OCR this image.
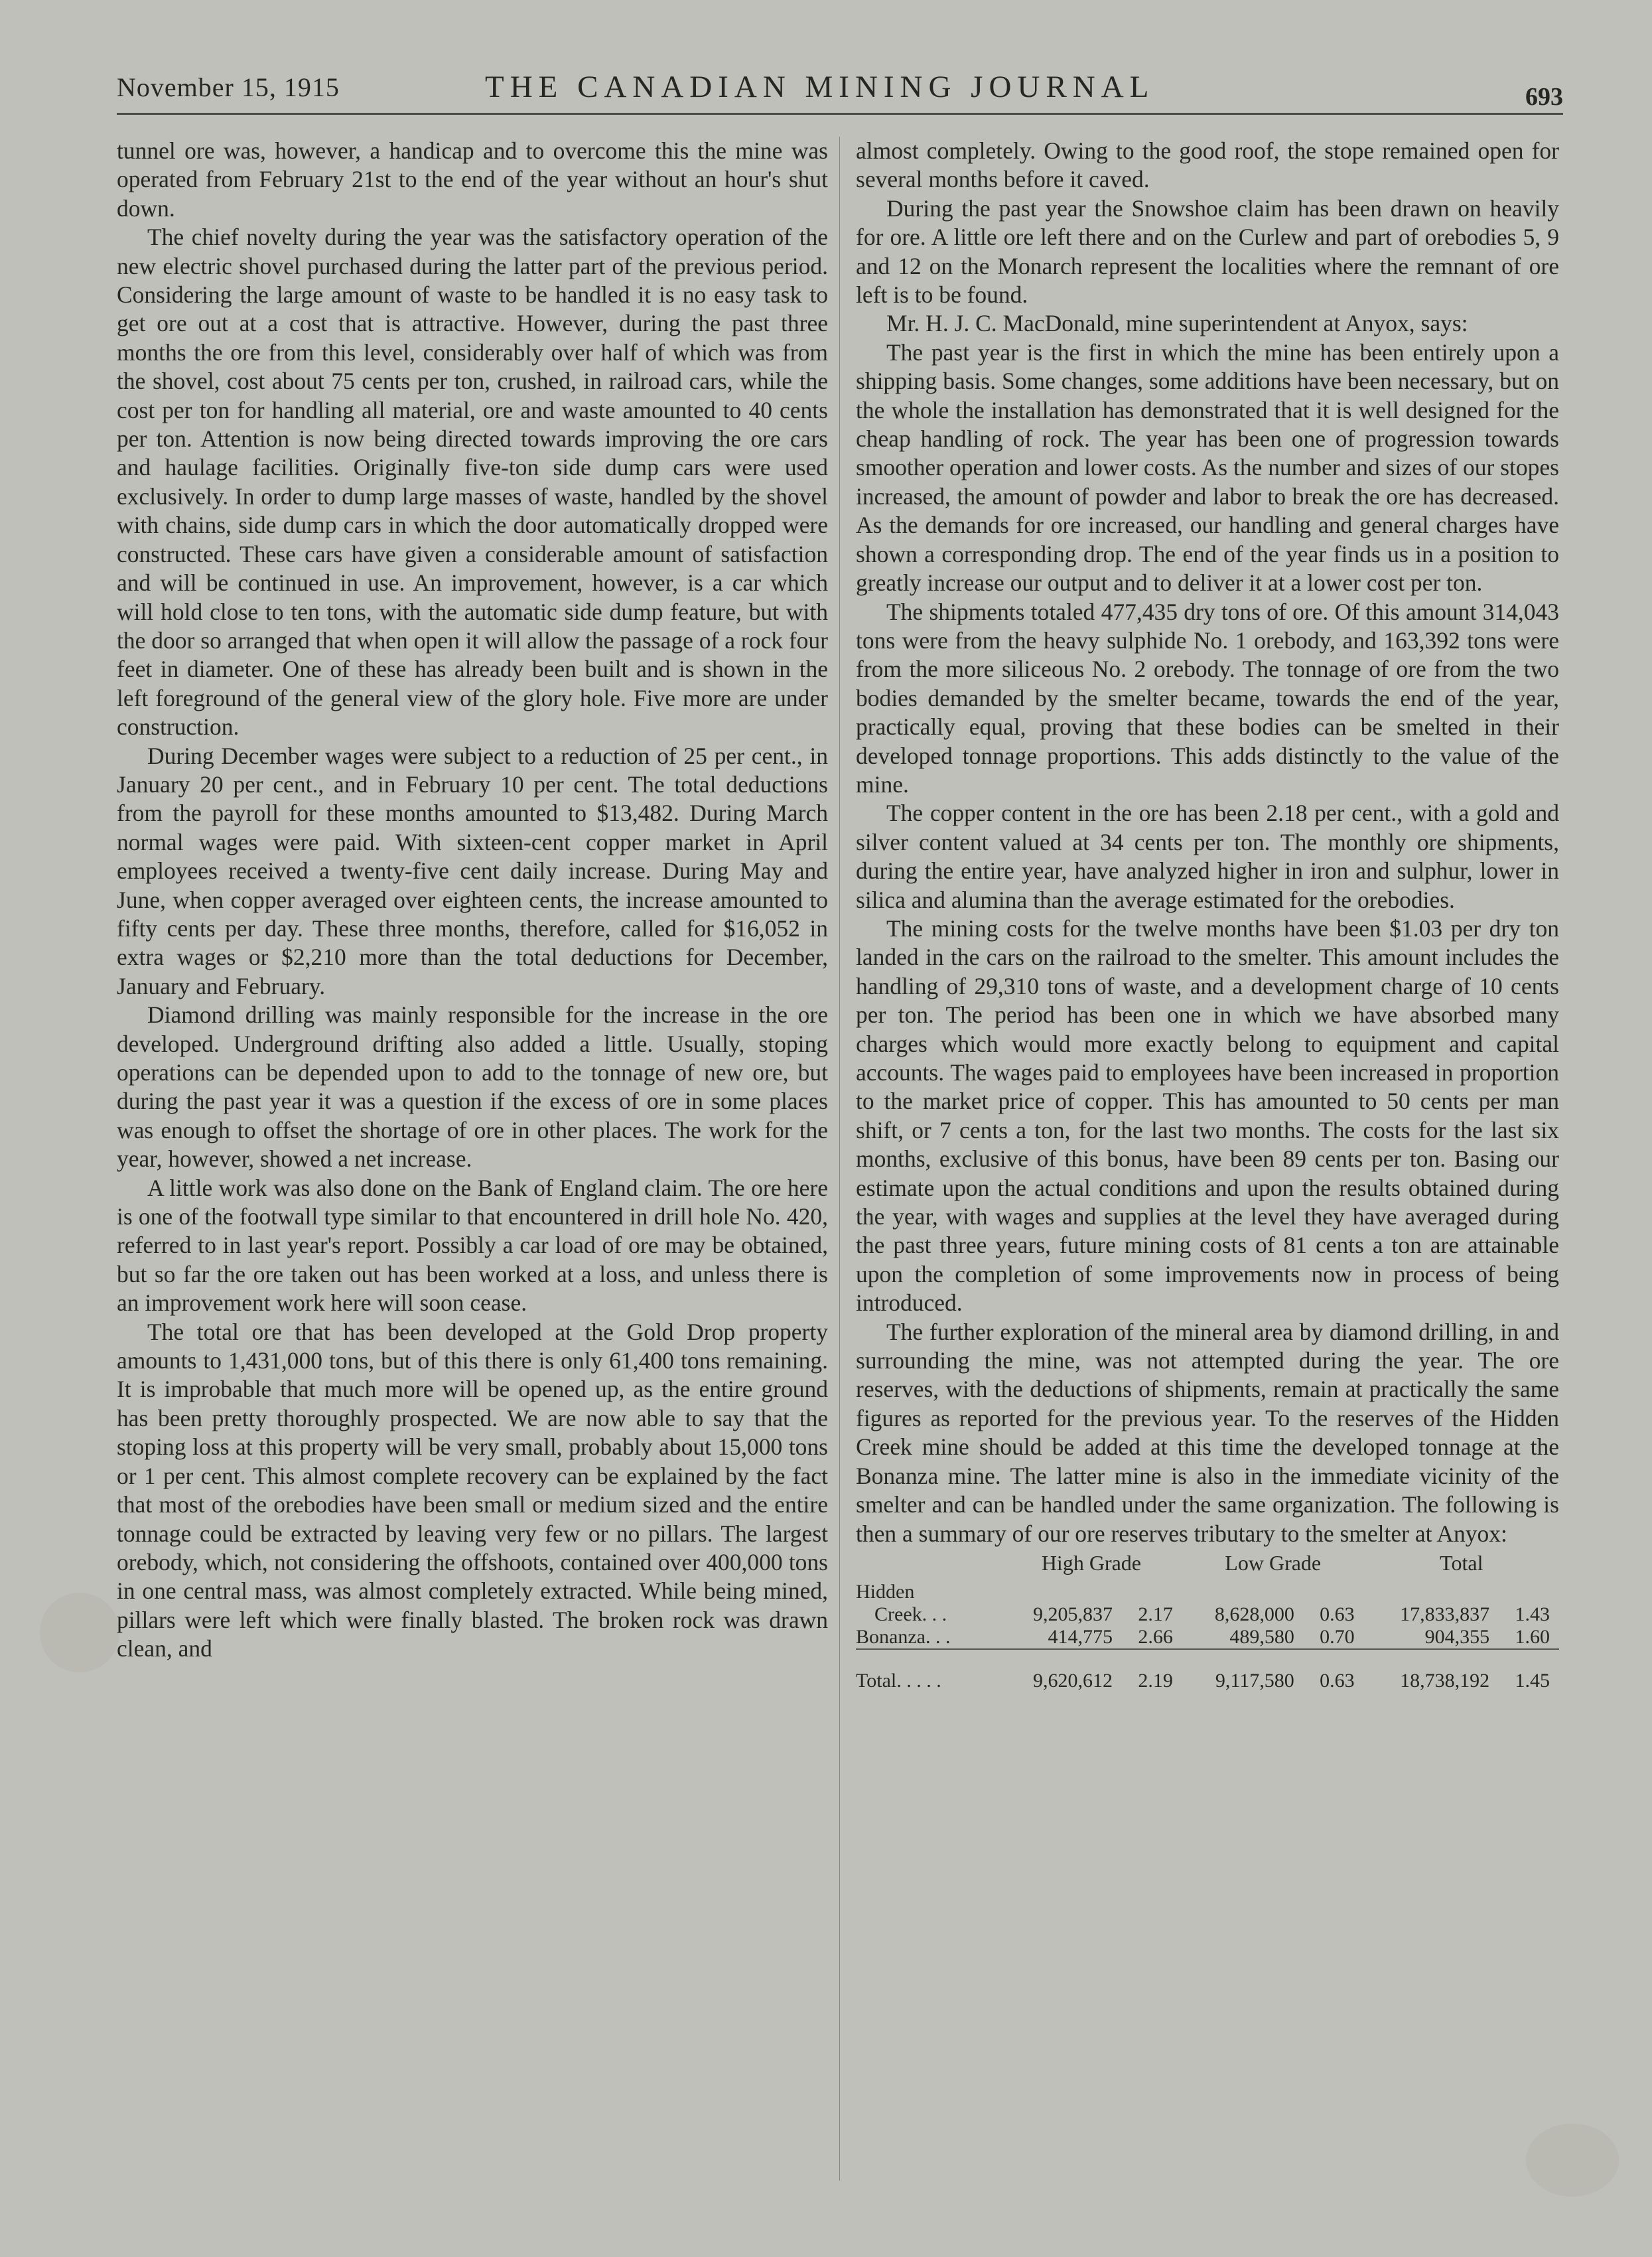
November 15, 1915	THE CANADIAN MINING JOURNAL	693

tunnel ore was, however, a handicap and to overcome this the mine was operated from February 21st to the end of the year without an hour's shut down.

The chief novelty during the year was the satisfactory operation of the new electric shovel purchased during the latter part of the previous period. Considering the large amount of waste to be handled it is no easy task to get ore out at a cost that is attractive. However, during the past three months the ore from this level, considerably over half of which was from the shovel, cost about 75 cents per ton, crushed, in railroad cars, while the cost per ton for handling all material, ore and waste amounted to 40 cents per ton. Attention is now being directed towards improving the ore cars and haulage facilities. Originally five-ton side dump cars were used exclusively. In order to dump large masses of waste, handled by the shovel with chains, side dump cars in which the door automatically dropped were constructed. These cars have given a considerable amount of satisfaction and will be continued in use. An improvement, however, is a car which will hold close to ten tons, with the automatic side dump feature, but with the door so arranged that when open it will allow the passage of a rock four feet in diameter. One of these has already been built and is shown in the left foreground of the general view of the glory hole. Five more are under construction.

During December wages were subject to a reduction of 25 per cent., in January 20 per cent., and in February 10 per cent. The total deductions from the payroll for these months amounted to $13,482. During March normal wages were paid. With sixteen-cent copper market in April employees received a twenty-five cent daily increase. During May and June, when copper averaged over eighteen cents, the increase amounted to fifty cents per day. These three months, therefore, called for $16,052 in extra wages or $2,210 more than the total deductions for December, January and February.

Diamond drilling was mainly responsible for the increase in the ore developed. Underground drifting also added a little. Usually, stoping operations can be depended upon to add to the tonnage of new ore, but during the past year it was a question if the excess of ore in some places was enough to offset the shortage of ore in other places. The work for the year, however, showed a net increase.

A little work was also done on the Bank of England claim. The ore here is one of the footwall type similar to that encountered in drill hole No. 420, referred to in last year's report. Possibly a car load of ore may be obtained, but so far the ore taken out has been worked at a loss, and unless there is an improvement work here will soon cease.

The total ore that has been developed at the Gold Drop property amounts to 1,431,000 tons, but of this there is only 61,400 tons remaining. It is improbable that much more will be opened up, as the entire ground has been pretty thoroughly prospected. We are now able to say that the stoping loss at this property will be very small, probably about 15,000 tons or 1 per cent. This almost complete recovery can be explained by the fact that most of the orebodies have been small or medium sized and the entire tonnage could be extracted by leaving very few or no pillars. The largest orebody, which, not considering the offshoots, contained over 400,000 tons in one central mass, was almost completely extracted. While being mined, pillars were left which were finally blasted. The broken rock was drawn clean, and

almost completely. Owing to the good roof, the stope remained open for several months before it caved.

During the past year the Snowshoe claim has been drawn on heavily for ore. A little ore left there and on the Curlew and part of orebodies 5, 9 and 12 on the Monarch represent the localities where the remnant of ore left is to be found.

Mr. H. J. C. MacDonald, mine superintendent at Anyox, says:

The past year is the first in which the mine has been entirely upon a shipping basis. Some changes, some additions have been necessary, but on the whole the installation has demonstrated that it is well designed for the cheap handling of rock. The year has been one of progression towards smoother operation and lower costs. As the number and sizes of our stopes increased, the amount of powder and labor to break the ore has decreased. As the demands for ore increased, our handling and general charges have shown a corresponding drop. The end of the year finds us in a position to greatly increase our output and to deliver it at a lower cost per ton.

The shipments totaled 477,435 dry tons of ore. Of this amount 314,043 tons were from the heavy sulphide No. 1 orebody, and 163,392 tons were from the more siliceous No. 2 orebody. The tonnage of ore from the two bodies demanded by the smelter became, towards the end of the year, practically equal, proving that these bodies can be smelted in their developed tonnage proportions. This adds distinctly to the value of the mine.

The copper content in the ore has been 2.18 per cent., with a gold and silver content valued at 34 cents per ton. The monthly ore shipments, during the entire year, have analyzed higher in iron and sulphur, lower in silica and alumina than the average estimated for the orebodies.

The mining costs for the twelve months have been $1.03 per dry ton landed in the cars on the railroad to the smelter. This amount includes the handling of 29,310 tons of waste, and a development charge of 10 cents per ton. The period has been one in which we have absorbed many charges which would more exactly belong to equipment and capital accounts. The wages paid to employees have been increased in proportion to the market price of copper. This has amounted to 50 cents per man shift, or 7 cents a ton, for the last two months. The costs for the last six months, exclusive of this bonus, have been 89 cents per ton. Basing our estimate upon the actual conditions and upon the results obtained during the year, with wages and supplies at the level they have averaged during the past three years, future mining costs of 81 cents a ton are attainable upon the completion of some improvements now in process of being introduced.

The further exploration of the mineral area by diamond drilling, in and surrounding the mine, was not attempted during the year. The ore reserves, with the deductions of shipments, remain at practically the same figures as reported for the previous year. To the reserves of the Hidden Creek mine should be added at this time the developed tonnage at the Bonanza mine. The latter mine is also in the immediate vicinity of the smelter and can be handled under the same organization. The following is then a summary of our ore reserves tributary to the smelter at Anyox:

	High Grade		Low Grade		Total	
Hidden						
Creek. . .	9,205,837	2.17	8,628,000	0.63	17,833,837	1.43
Bonanza. . .	414,775	2.66	489,580	0.70	904,355	1.60
Total. . . . .	9,620,612	2.19	9,117,580	0.63	18,738,192	1.45
